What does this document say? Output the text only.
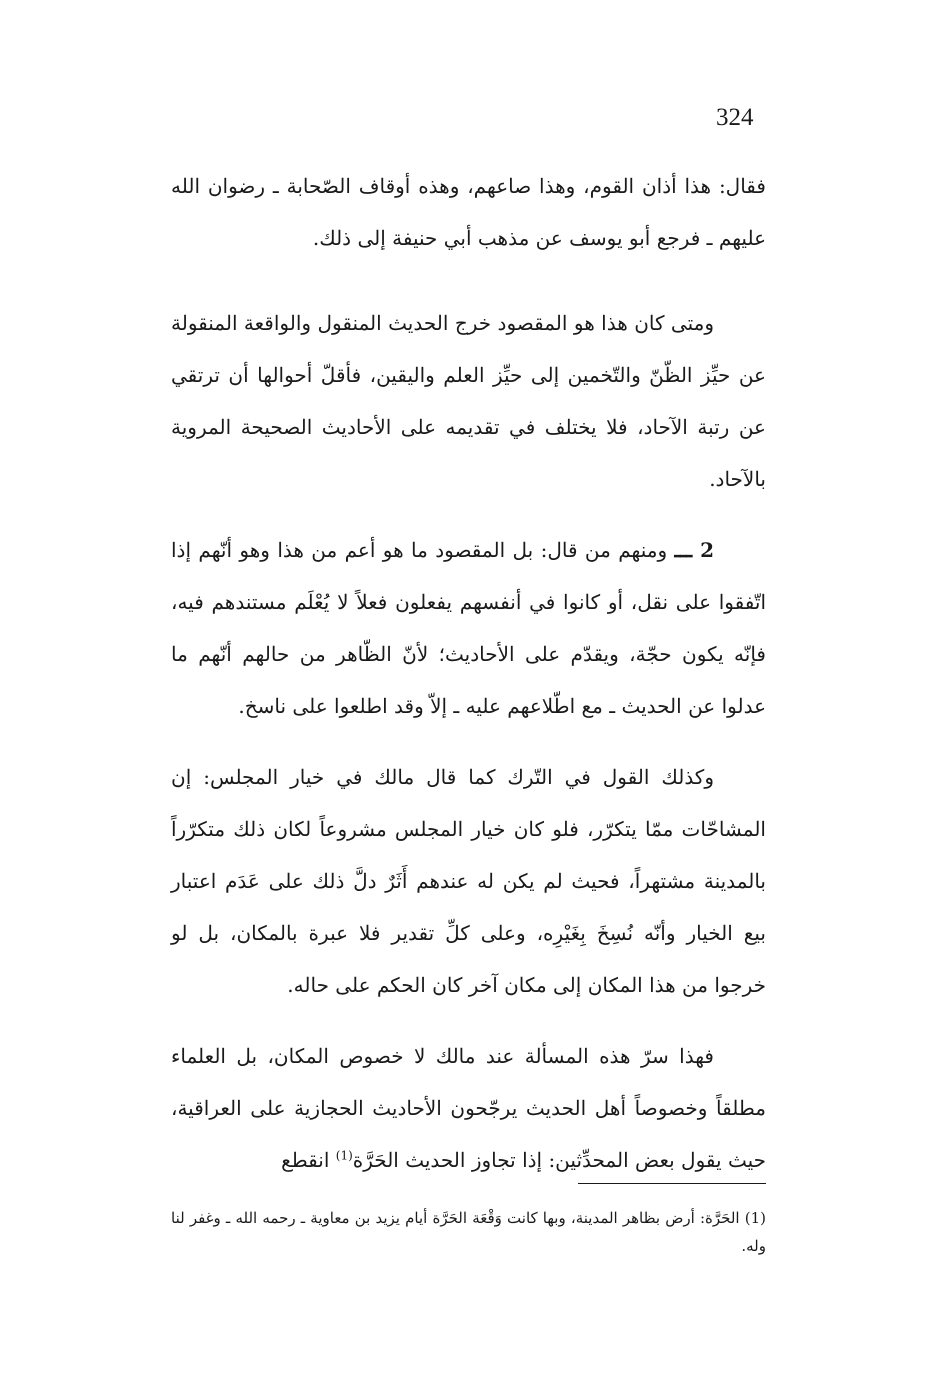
324

فقال: هذا أذان القوم، وهذا صاعهم، وهذه أوقاف الصّحابة ـ رضوان الله عليهم ـ فرجع أبو يوسف عن مذهب أبي حنيفة إلى ذلك.

ومتى كان هذا هو المقصود خرج الحديث المنقول والواقعة المنقولة عن حيِّز الظّنّ والتّخمين إلى حيِّز العلم واليقين، فأقلّ أحوالها أن ترتقي عن رتبة الآحاد، فلا يختلف في تقديمه على الأحاديث الصحيحة المروية بالآحاد.

2 ـــ ومنهم من قال: بل المقصود ما هو أعم من هذا وهو أنّهم إذا اتّفقوا على نقل، أو كانوا في أنفسهم يفعلون فعلاً لا يُعْلَم مستندهم فيه، فإنّه يكون حجّة، ويقدّم على الأحاديث؛ لأنّ الظّاهر من حالهم أنّهم ما عدلوا عن الحديث ـ مع اطّلاعهم عليه ـ إلاّ وقد اطلعوا على ناسخ.

وكذلك القول في التّرك كما قال مالك في خيار المجلس: إن المشاحّات ممّا يتكرّر، فلو كان خيار المجلس مشروعاً لكان ذلك متكرّراً بالمدينة مشتهراً، فحيث لم يكن له عندهم أَثَرٌ دلَّ ذلك على عَدَم اعتبار بيع الخيار وأنّه نُسِخَ بِغَيْرِه، وعلى كلِّ تقدير فلا عبرة بالمكان، بل لو خرجوا من هذا المكان إلى مكان آخر كان الحكم على حاله.

فهذا سرّ هذه المسألة عند مالك لا خصوص المكان، بل العلماء مطلقاً وخصوصاً أهل الحديث يرجّحون الأحاديث الحجازية على العراقية، حيث يقول بعض المحدِّثين: إذا تجاوز الحديث الحَرَّة$^{(1)}$ انقطع

(1) الحَرَّة: أرض بظاهر المدينة، وبها كانت وَقْعَة الحَرَّة أيام يزيد بن معاوية ـ رحمه الله ـ وغفر لنا وله.
